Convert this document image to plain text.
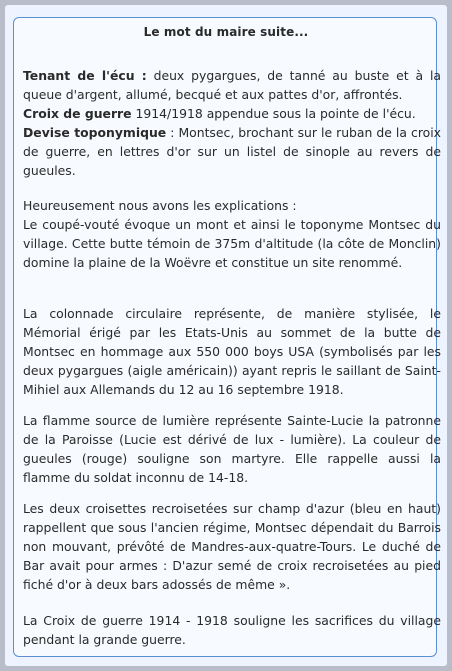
Le mot du maire suite...

Tenant de l'écu : deux pygargues, de tanné au buste et à la queue d'argent, allumé, becqué et aux pattes d'or, affrontés.

Croix de guerre 1914/1918 appendue sous la pointe de l'écu.

Devise toponymique : Montsec, brochant sur le ruban de la croix de guerre, en lettres d'or sur un listel de sinople au revers de gueules.

Heureusement nous avons les explications :
Le coupé-vouté évoque un mont et ainsi le toponyme Montsec du village. Cette butte témoin de 375m d'altitude (la côte de Monclin) domine la plaine de la Woëvre et constitue un site renommé.
La colonnade circulaire représente, de manière stylisée, le Mémorial érigé par les Etats-Unis au sommet de la butte de Montsec en hommage aux 550 000 boys USA (symbolisés par les deux pygargues (aigle américain)) ayant repris le saillant de Saint-Mihiel aux Allemands du 12 au 16 septembre 1918.
La flamme source de lumière représente Sainte-Lucie la patronne de la Paroisse (Lucie est dérivé de lux - lumière). La couleur de gueules (rouge) souligne son martyre. Elle rappelle aussi la flamme du soldat inconnu de 14-18.
Les deux croisettes recroisetées sur champ d'azur (bleu en haut) rappellent que sous l'ancien régime, Montsec dépendait du Barrois non mouvant, prévôté de Mandres-aux-quatre-Tours. Le duché de Bar avait pour armes : D'azur semé de croix recroisetées au pied fiché d'or à deux bars adossés de même ».
La Croix de guerre 1914 - 1918 souligne les sacrifices du village pendant la grande guerre.
